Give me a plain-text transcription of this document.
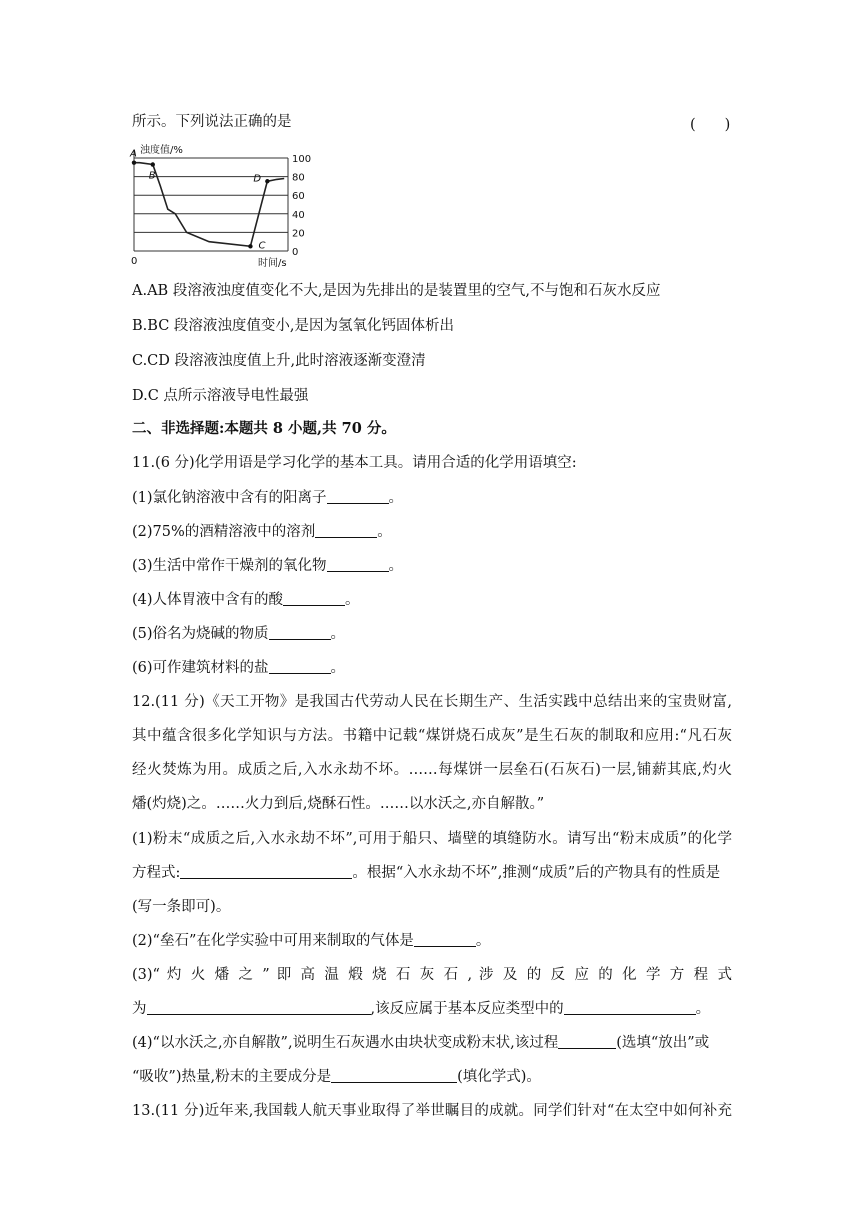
所示。下列说法正确的是	(　　)
0
20
40
60
80
100
A
B
C
D
浊度值/%
时间/s
0
A.AB 段溶液浊度值变化不大,是因为先排出的是装置里的空气,不与饱和石灰水反应
B.BC 段溶液浊度值变小,是因为氢氧化钙固体析出
C.CD 段溶液浊度值上升,此时溶液逐渐变澄清
D.C 点所示溶液导电性最强
二、非选择题:本题共 8 小题,共 70 分。
11.(6 分)化学用语是学习化学的基本工具。请用合适的化学用语填空:
(1)氯化钠溶液中含有的阳离子	。
(2)75%的酒精溶液中的溶剂	。
(3)生活中常作干燥剂的氧化物	。
(4)人体胃液中含有的酸	。
(5)俗名为烧碱的物质	。
(6)可作建筑材料的盐	。
12.(11 分)《天工开物》是我国古代劳动人民在长期生产、生活实践中总结出来的宝贵财富,
其中蕴含很多化学知识与方法。书籍中记载“煤饼烧石成灰”是生石灰的制取和应用:“凡石灰
经火焚炼为用。成质之后,入水永劫不坏。……每煤饼一层垒石(石灰石)一层,铺薪其底,灼火
燔(灼烧)之。……火力到后,烧酥石性。……以水沃之,亦自解散。”
(1)粉末“成质之后,入水永劫不坏”,可用于船只、墙壁的填缝防水。请写出“粉末成质”的化学
方程式:	。根据“入水永劫不坏”,推测“成质”后的产物具有的性质是
(写一条即可)。
(2)“垒石”在化学实验中可用来制取的气体是	。
(3)“ 灼 火 燔 之 ” 即 高 温 煅 烧 石 灰 石 , 涉 及 的 反 应 的 化 学 方 程 式
为	,该反应属于基本反应类型中的	。
(4)“以水沃之,亦自解散”,说明生石灰遇水由块状变成粉末状,该过程	(选填“放出”或
“吸收”)热量,粉末的主要成分是	(填化学式)。
13.(11 分)近年来,我国载人航天事业取得了举世瞩目的成就。同学们针对“在太空中如何补充
